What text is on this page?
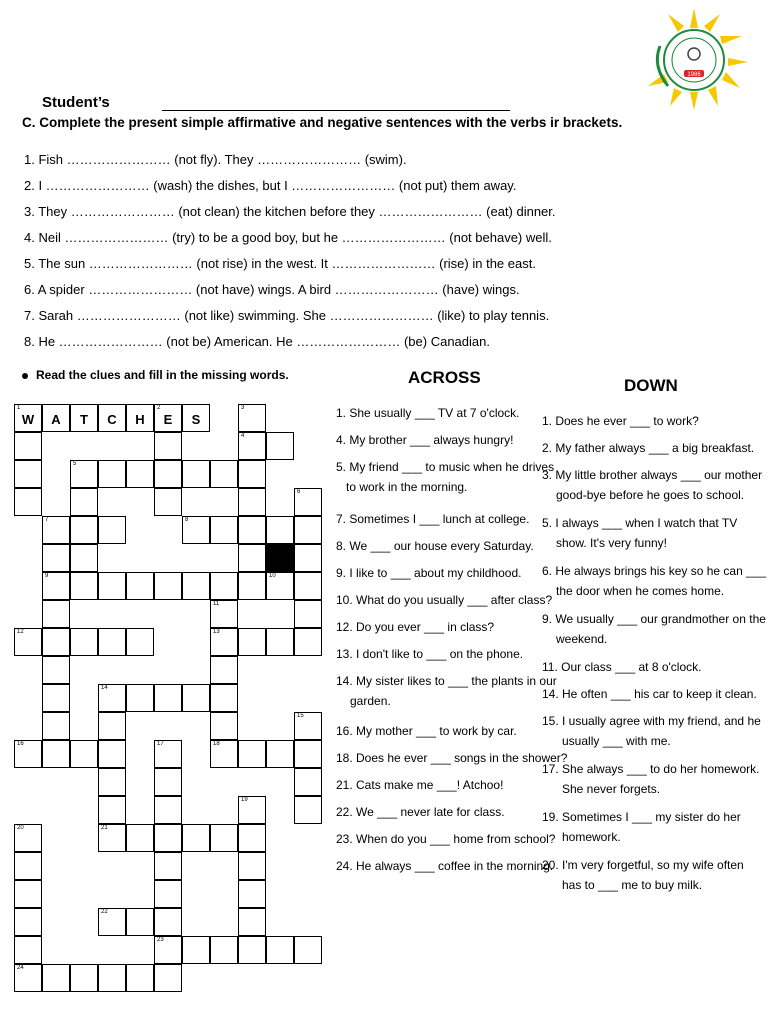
1986
Student’s
C. Complete the present simple affirmative and negative sentences with the verbs ir brackets.
1. Fish …………………… (not fly). They …………………… (swim).
2. I …………………… (wash) the dishes, but I …………………… (not put) them away.
3. They …………………… (not clean) the kitchen before they …………………… (eat) dinner.
4. Neil …………………… (try) to be a good boy, but he …………………… (not behave) well.
5. The sun …………………… (not rise) in the west. It …………………… (rise) in the east.
6. A spider …………………… (not have) wings. A bird …………………… (have) wings.
7. Sarah …………………… (not like) swimming. She …………………… (like) to play tennis.
8. He …………………… (not be) American. He …………………… (be) Canadian.
Read the clues and fill in the missing words.
1
W	A	T	C	H
2
E	S
3
4
5
6
7	8
9	10
11
12	13
14
15
16	17	18
19
20	21
22
23
24
ACROSS
1. She usually ___ TV at 7 o'clock.
4. My brother ___ always hungry!
5. My friend ___ to music when he drives
to work in the morning.
7. Sometimes I ___ lunch at college.
8. We ___ our house every Saturday.
9. I like to ___ about my childhood.
10. What do you usually ___ after class?
12. Do you ever ___ in class?
13. I don't like to ___ on the phone.
14. My sister likes to ___ the plants in our
garden.
16. My mother ___ to work by car.
18. Does he ever ___ songs in the shower?
21. Cats make me ___! Atchoo!
22. We ___ never late for class.
23. When do you ___ home from school?
24. He always ___ coffee in the morning.
DOWN
1. Does he ever ___ to work?
2. My father always ___ a big breakfast.
3. My little brother always ___ our mother
good-bye before he goes to school.
5. I always ___ when I watch that TV
show. It's very funny!
6. He always brings his key so he can ___
the door when he comes home.
9. We usually ___ our grandmother on the
weekend.
11. Our class ___ at 8 o'clock.
14. He often ___ his car to keep it clean.
15. I usually agree with my friend, and he
usually ___ with me.
17. She always ___ to do her homework.
She never forgets.
19. Sometimes I ___ my sister do her
homework.
20. I'm very forgetful, so my wife often
has to ___ me to buy milk.
